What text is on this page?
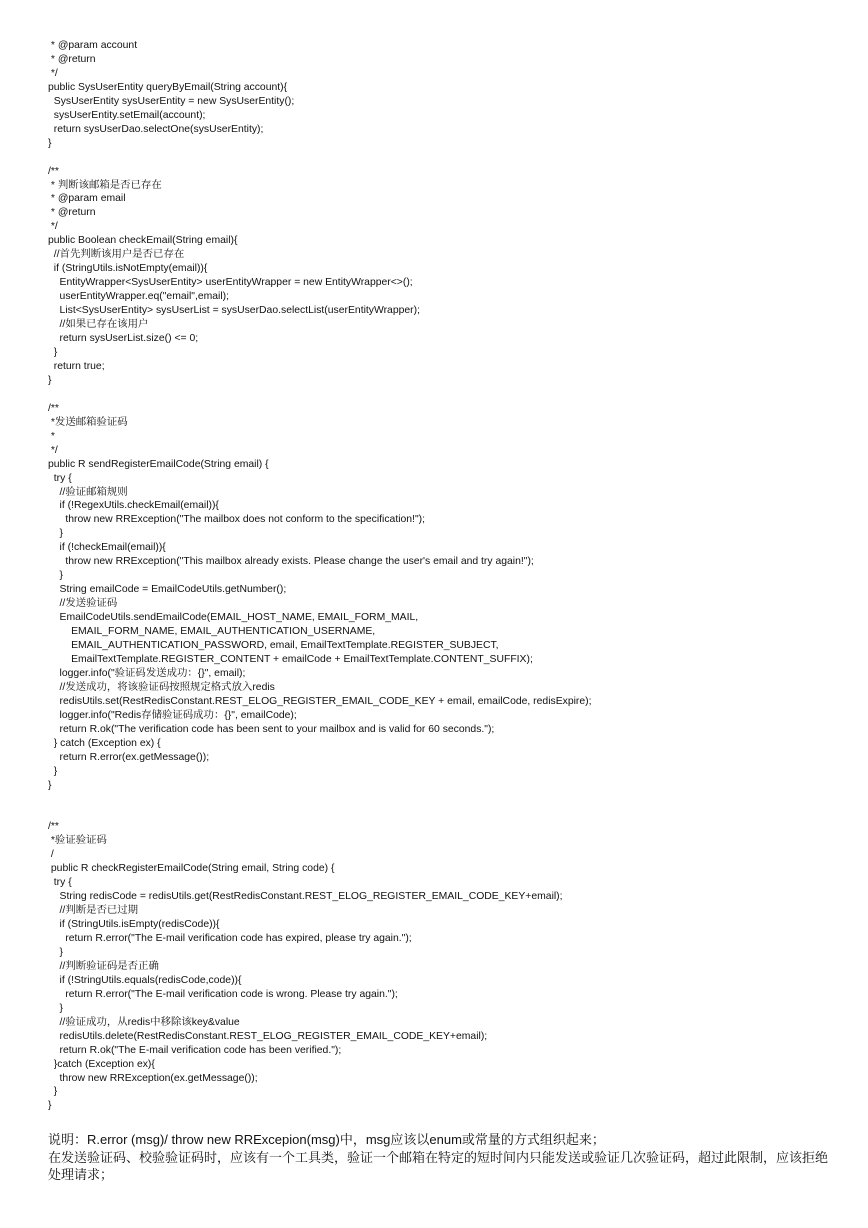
* @param account
* @return
*/
public SysUserEntity queryByEmail(String account){
SysUserEntity sysUserEntity = new SysUserEntity();
sysUserEntity.setEmail(account);
return sysUserDao.selectOne(sysUserEntity);
}
/**
* 判断该邮箱是否已存在
* @param email
* @return
*/
public Boolean checkEmail(String email){
//首先判断该用户是否已存在
if (StringUtils.isNotEmpty(email)){
EntityWrapper<SysUserEntity> userEntityWrapper = new EntityWrapper<>();
userEntityWrapper.eq("email",email);
List<SysUserEntity> sysUserList = sysUserDao.selectList(userEntityWrapper);
//如果已存在该用户
return sysUserList.size() <= 0;
}
return true;
}
/**
*发送邮箱验证码
*
*/
public R sendRegisterEmailCode(String email) {
try {
//验证邮箱规则
if (!RegexUtils.checkEmail(email)){
throw new RRException("The mailbox does not conform to the specification!");
}
if (!checkEmail(email)){
throw new RRException("This mailbox already exists. Please change the user's email and try again!");
}
String emailCode = EmailCodeUtils.getNumber();
//发送验证码
EmailCodeUtils.sendEmailCode(EMAIL_HOST_NAME, EMAIL_FORM_MAIL,
EMAIL_FORM_NAME, EMAIL_AUTHENTICATION_USERNAME,
EMAIL_AUTHENTICATION_PASSWORD, email, EmailTextTemplate.REGISTER_SUBJECT,
EmailTextTemplate.REGISTER_CONTENT + emailCode + EmailTextTemplate.CONTENT_SUFFIX);
logger.info("验证码发送成功：{}", email);
//发送成功，将该验证码按照规定格式放入redis
redisUtils.set(RestRedisConstant.REST_ELOG_REGISTER_EMAIL_CODE_KEY + email, emailCode, redisExpire);
logger.info("Redis存储验证码成功：{}", emailCode);
return R.ok("The verification code has been sent to your mailbox and is valid for 60 seconds.");
} catch (Exception ex) {
return R.error(ex.getMessage());
}
}
/**
*验证验证码
/
public R checkRegisterEmailCode(String email, String code) {
try {
String redisCode = redisUtils.get(RestRedisConstant.REST_ELOG_REGISTER_EMAIL_CODE_KEY+email);
//判断是否已过期
if (StringUtils.isEmpty(redisCode)){
return R.error("The E-mail verification code has expired, please try again.");
}
//判断验证码是否正确
if (!StringUtils.equals(redisCode,code)){
return R.error("The E-mail verification code is wrong. Please try again.");
}
//验证成功，从redis中移除该key&value
redisUtils.delete(RestRedisConstant.REST_ELOG_REGISTER_EMAIL_CODE_KEY+email);
return R.ok("The E-mail verification code has been verified.");
}catch (Exception ex){
throw new RRException(ex.getMessage());
}
}
说明：R.error (msg)/ throw new RRExcepion(msg)中，msg应该以enum或常量的方式组织起来；
在发送验证码、校验验证码时，应该有一个工具类，验证一个邮箱在特定的短时间内只能发送或验证几次验证码，超过此限制，应该拒绝处理请求；
